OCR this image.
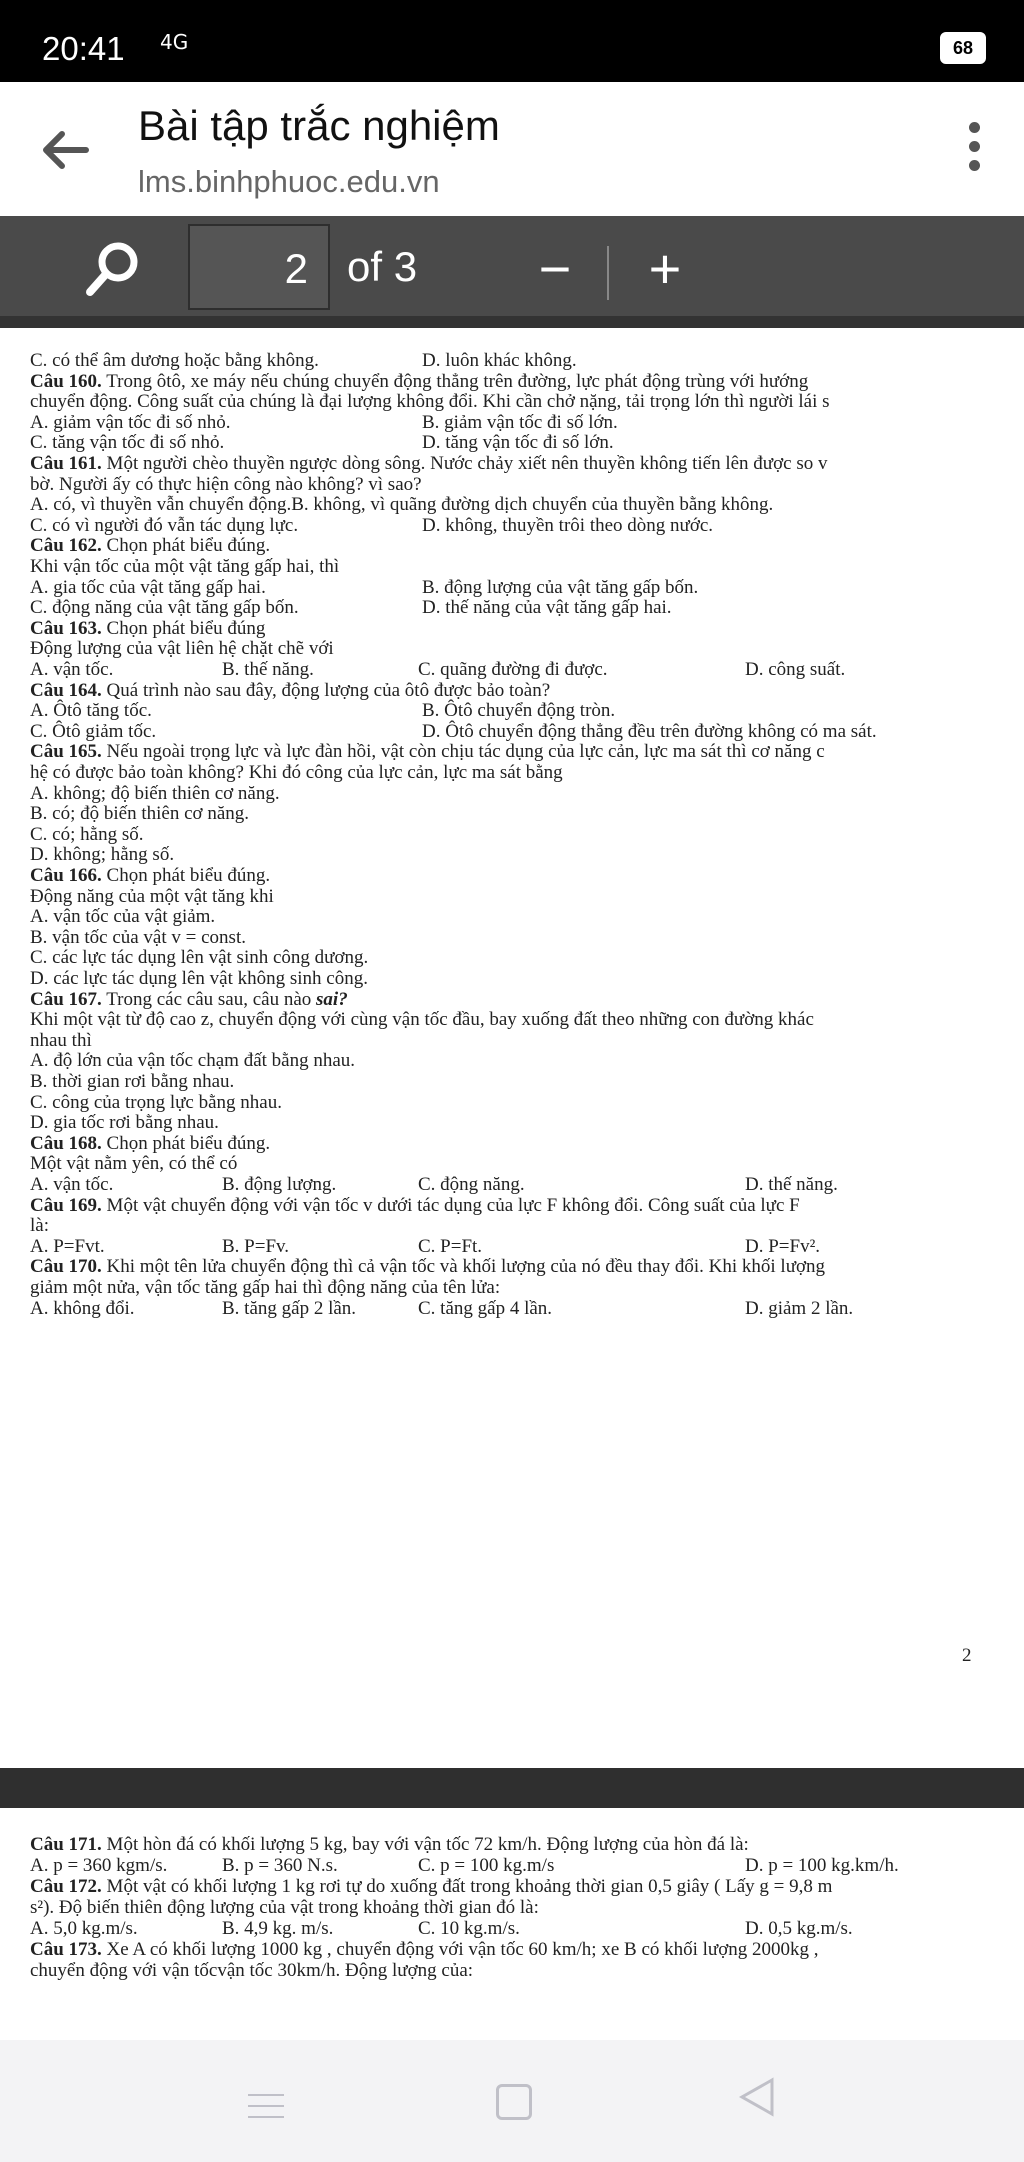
20:41 4G	68
Bài tập trắc nghiệm
lms.binhphuoc.edu.vn
2 of 3	−	+
C. có thể âm dương hoặc bằng không.	D. luôn khác không.
Câu 160. Trong ôtô, xe máy nếu chúng chuyển động thẳng trên đường, lực phát động trùng với hướng
chuyển động. Công suất của chúng là đại lượng không đổi. Khi cần chở nặng, tải trọng lớn thì người lái s
A. giảm vận tốc đi số nhỏ.	B. giảm vận tốc đi số lớn.
C. tăng vận tốc đi số nhỏ.	D. tăng vận tốc đi số lớn.
Câu 161. Một người chèo thuyền ngược dòng sông. Nước chảy xiết nên thuyền không tiến lên được so v
bờ. Người ấy có thực hiện công nào không? vì sao?
A. có, vì thuyền vẫn chuyển động.B. không, vì quãng đường dịch chuyển của thuyền bằng không.
C. có vì người đó vẫn tác dụng lực.	D. không, thuyền trôi theo dòng nước.
Câu 162. Chọn phát biểu đúng.
Khi vận tốc của một vật tăng gấp hai, thì
A. gia tốc của vật tăng gấp hai.	B. động lượng của vật tăng gấp bốn.
C. động năng của vật tăng gấp bốn.	D. thế năng của vật tăng gấp hai.
Câu 163. Chọn phát biểu đúng
Động lượng của vật liên hệ chặt chẽ với
A. vận tốc.	B. thế năng.	C. quãng đường đi được.	D. công suất.
Câu 164. Quá trình nào sau đây, động lượng của ôtô được bảo toàn?
A. Ôtô tăng tốc.	B. Ôtô chuyển động tròn.
C. Ôtô giảm tốc.	D. Ôtô chuyển động thẳng đều trên đường không có ma sát.
Câu 165. Nếu ngoài trọng lực và lực đàn hồi, vật còn chịu tác dụng của lực cản, lực ma sát thì cơ năng c
hệ có được bảo toàn không? Khi đó công của lực cản, lực ma sát bằng
A. không; độ biến thiên cơ năng.
B. có; độ biến thiên cơ năng.
C. có; hằng số.
D. không; hằng số.
Câu 166. Chọn phát biểu đúng.
Động năng của một vật tăng khi
A. vận tốc của vật giảm.
B. vận tốc của vật v = const.
C. các lực tác dụng lên vật sinh công dương.
D. các lực tác dụng lên vật không sinh công.
Câu 167. Trong các câu sau, câu nào sai?
Khi một vật từ độ cao z, chuyển động với cùng vận tốc đầu, bay xuống đất theo những con đường khác
nhau thì
A. độ lớn của vận tốc chạm đất bằng nhau.
B. thời gian rơi bằng nhau.
C. công của trọng lực bằng nhau.
D. gia tốc rơi bằng nhau.
Câu 168. Chọn phát biểu đúng.
Một vật nằm yên, có thể có
A. vận tốc.	B. động lượng.	C. động năng.	D. thế năng.
Câu 169. Một vật chuyển động với vận tốc v dưới tác dụng của lực F không đổi. Công suất của lực F
là:
A. P=Fvt.	B. P=Fv.	C. P=Ft.	D. P=Fv².
Câu 170. Khi một tên lửa chuyển động thì cả vận tốc và khối lượng của nó đều thay đổi. Khi khối lượng
giảm một nửa, vận tốc tăng gấp hai thì động năng của tên lửa:
A. không đổi.	B. tăng gấp 2 lần.	C. tăng gấp 4 lần.	D. giảm 2 lần.
2
Câu 171. Một hòn đá có khối lượng 5 kg, bay với vận tốc 72 km/h. Động lượng của hòn đá là:
A. p = 360 kgm/s.	B. p = 360 N.s.	C. p = 100 kg.m/s	D. p = 100 kg.km/h.
Câu 172. Một vật có khối lượng 1 kg rơi tự do xuống đất trong khoảng thời gian 0,5 giây ( Lấy g = 9,8 m
s²). Độ biến thiên động lượng của vật trong khoảng thời gian đó là:
A. 5,0 kg.m/s.	B. 4,9 kg. m/s.	C. 10 kg.m/s.	D. 0,5 kg.m/s.
Câu 173. Xe A có khối lượng 1000 kg , chuyển động với vận tốc 60 km/h; xe B có khối lượng 2000kg ,
chuyển động với vận tốcvận tốc 30km/h. Động lượng của:
